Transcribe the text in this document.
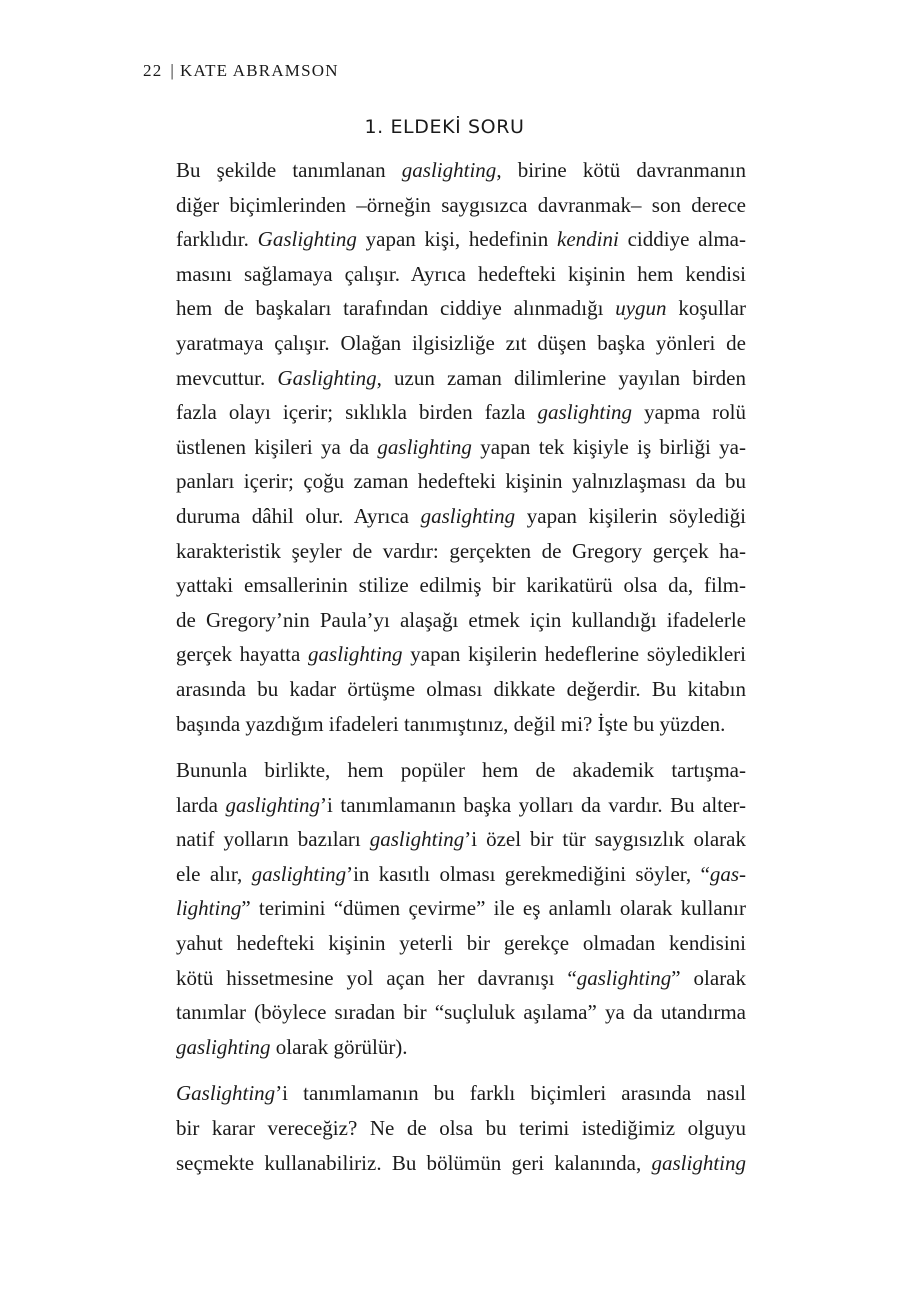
22 | KATE ABRAMSON
1. ELDEKİ SORU
Bu şekilde tanımlanan gaslighting, birine kötü davranmanın
diğer biçimlerinden –örneğin saygısızca davranmak– son derece
farklıdır. Gaslighting yapan kişi, hedefinin kendini ciddiye alma-
masını sağlamaya çalışır. Ayrıca hedefteki kişinin hem kendisi
hem de başkaları tarafından ciddiye alınmadığı uygun koşullar
yaratmaya çalışır. Olağan ilgisizliğe zıt düşen başka yönleri de
mevcuttur. Gaslighting, uzun zaman dilimlerine yayılan birden
fazla olayı içerir; sıklıkla birden fazla gaslighting yapma rolü
üstlenen kişileri ya da gaslighting yapan tek kişiyle iş birliği ya-
panları içerir; çoğu zaman hedefteki kişinin yalnızlaşması da bu
duruma dâhil olur. Ayrıca gaslighting yapan kişilerin söylediği
karakteristik şeyler de vardır: gerçekten de Gregory gerçek ha-
yattaki emsallerinin stilize edilmiş bir karikatürü olsa da, film-
de Gregory’nin Paula’yı alaşağı etmek için kullandığı ifadelerle
gerçek hayatta gaslighting yapan kişilerin hedeflerine söyledikleri
arasında bu kadar örtüşme olması dikkate değerdir. Bu kitabın
başında yazdığım ifadeleri tanımıştınız, değil mi? İşte bu yüzden.
Bununla birlikte, hem popüler hem de akademik tartışma-
larda gaslighting’i tanımlamanın başka yolları da vardır. Bu alter-
natif yolların bazıları gaslighting’i özel bir tür saygısızlık olarak
ele alır, gaslighting’in kasıtlı olması gerekmediğini söyler, “gas-
lighting” terimini “dümen çevirme” ile eş anlamlı olarak kullanır
yahut hedefteki kişinin yeterli bir gerekçe olmadan kendisini
kötü hissetmesine yol açan her davranışı “gaslighting” olarak
tanımlar (böylece sıradan bir “suçluluk aşılama” ya da utandırma
gaslighting olarak görülür).
Gaslighting’i tanımlamanın bu farklı biçimleri arasında nasıl
bir karar vereceğiz? Ne de olsa bu terimi istediğimiz olguyu
seçmekte kullanabiliriz. Bu bölümün geri kalanında, gaslighting
